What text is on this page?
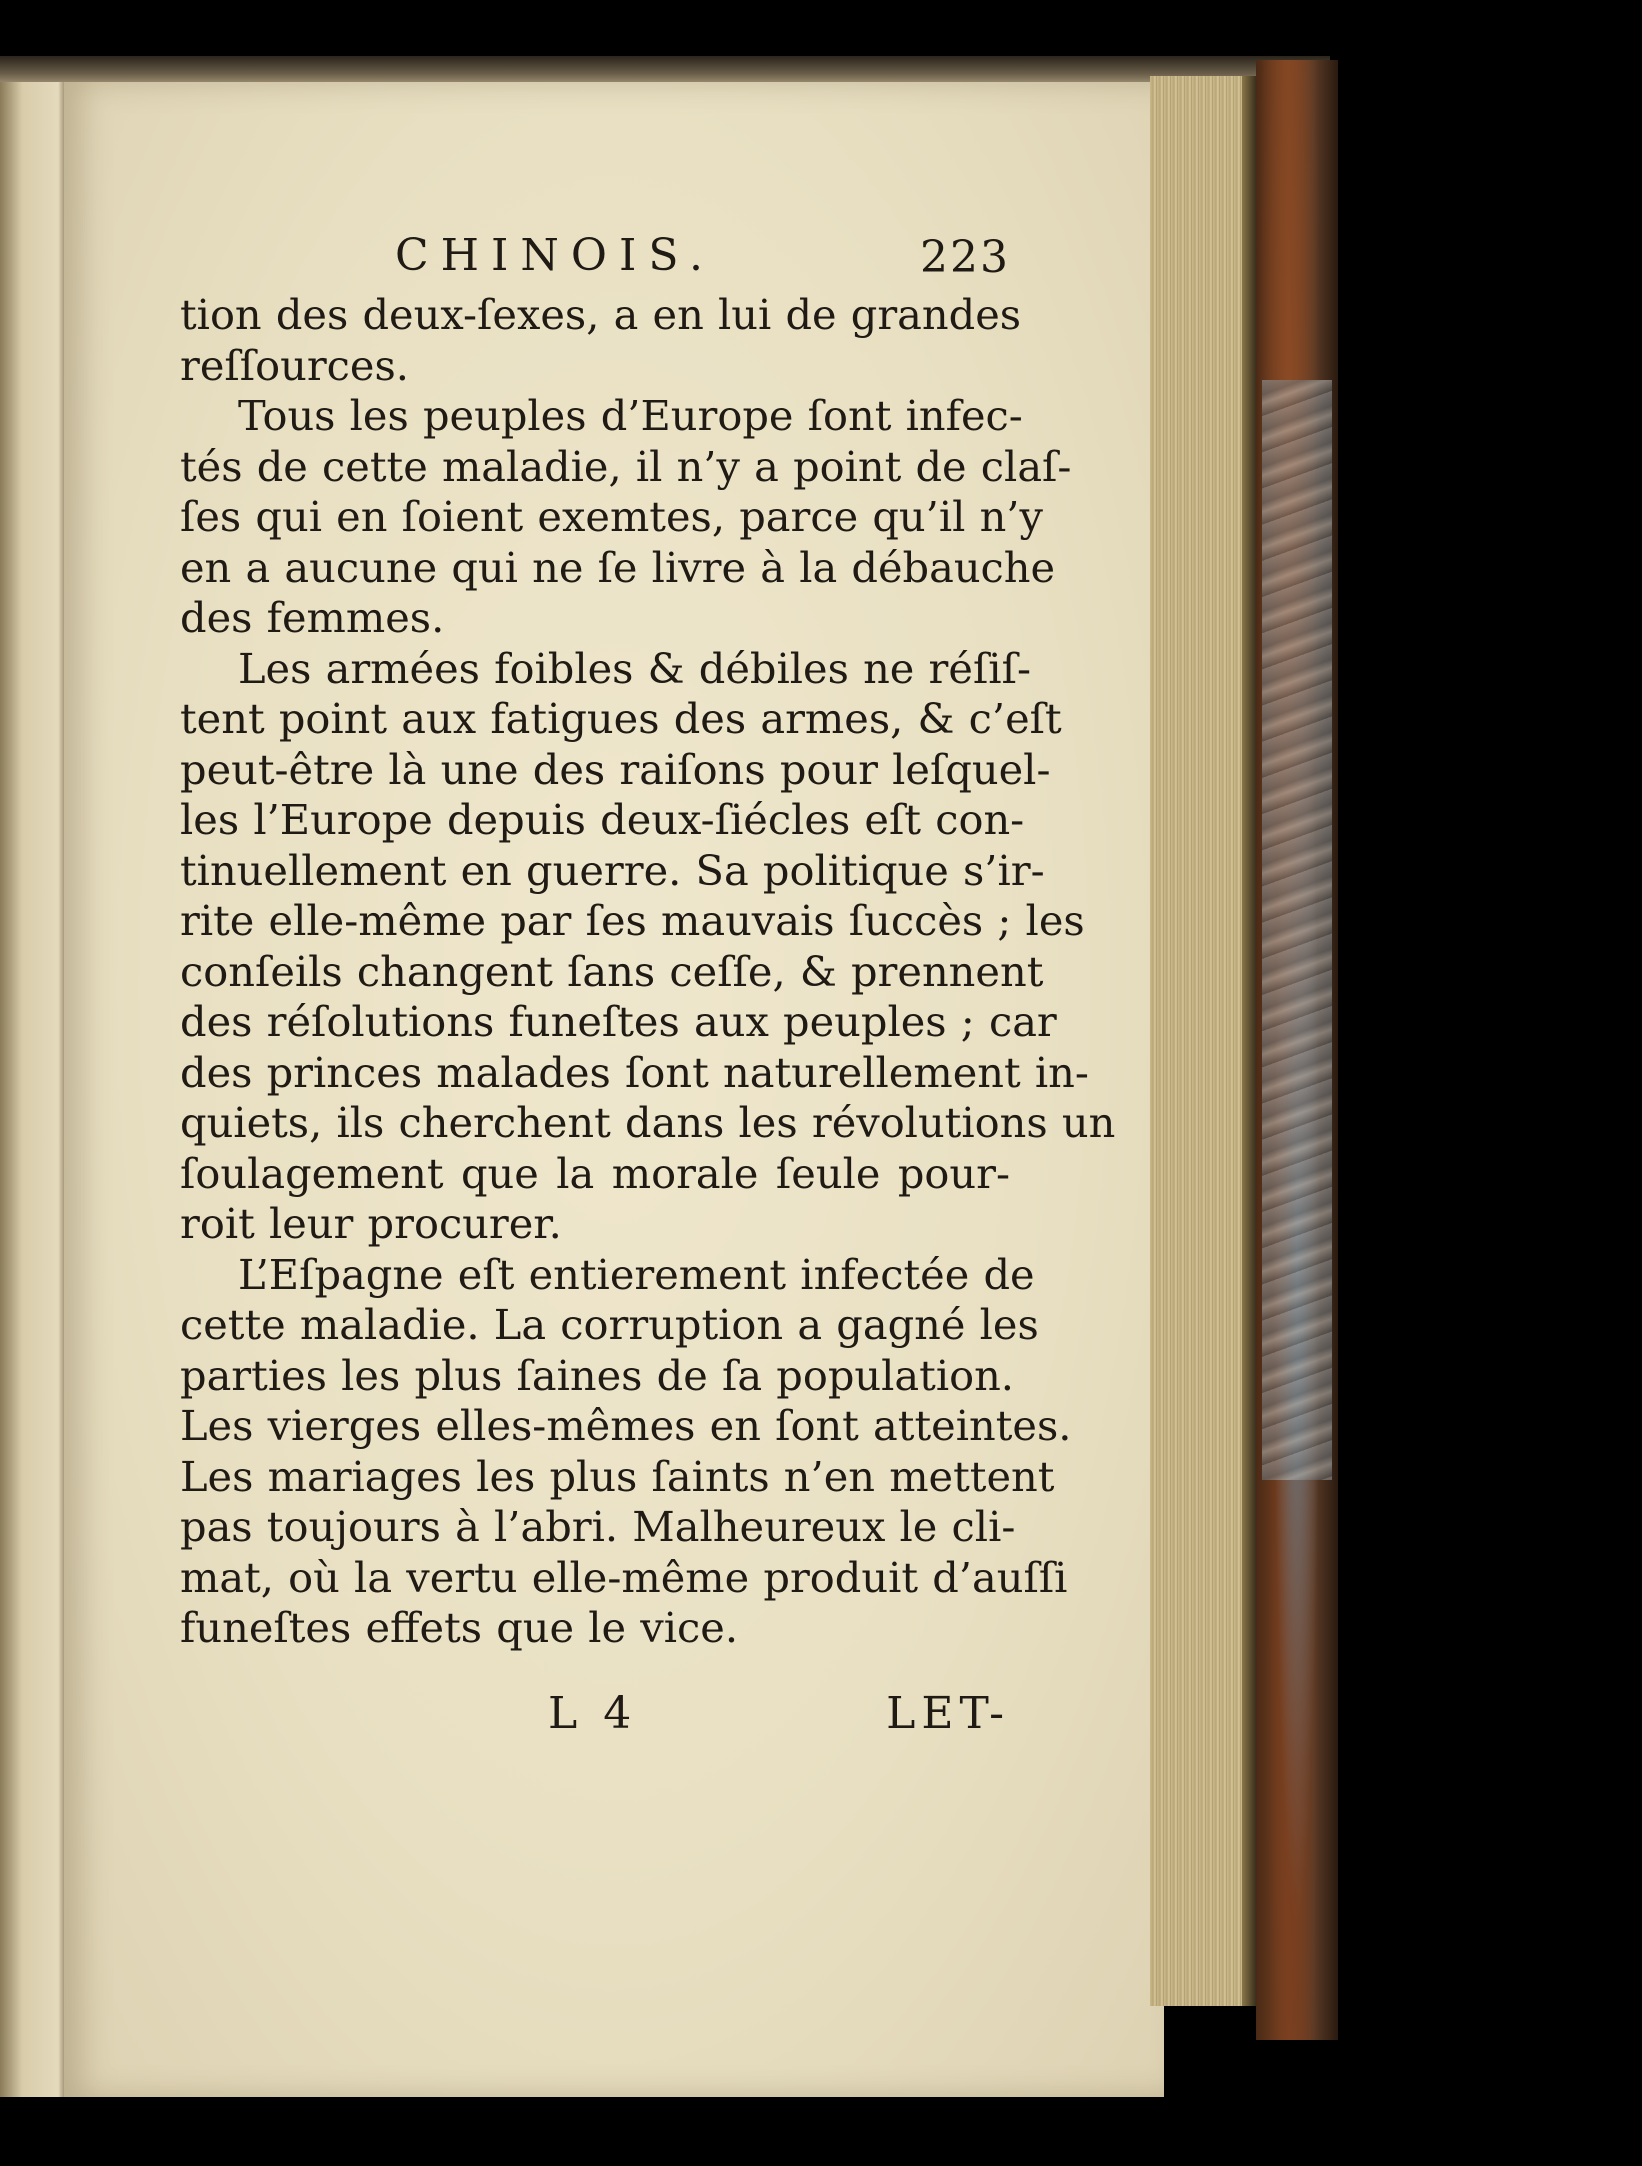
CHINOIS.	223
tion des deux-ſexes, a en lui de grandes
reſſources.
Tous les peuples d’Europe ſont infec-
tés de cette maladie, il n’y a point de claſ-
ſes qui en ſoient exemtes, parce qu’il n’y
en a aucune qui ne ſe livre à la débauche
des femmes.
Les armées foibles & débiles ne réſiſ-
tent point aux fatigues des armes, & c’eſt
peut-être là une des raiſons pour leſquel-
les l’Europe depuis deux-ſiécles eſt con-
tinuellement en guerre. Sa politique s’ir-
rite elle-même par ſes mauvais ſuccès ; les
conſeils changent ſans ceſſe, & prennent
des réſolutions funeſtes aux peuples ; car
des princes malades ſont naturellement in-
quiets, ils cherchent dans les révolutions un
ſoulagement que la morale ſeule pour-
roit leur procurer.
L’Eſpagne eſt entierement infectée de
cette maladie. La corruption a gagné les
parties les plus ſaines de ſa population.
Les vierges elles-mêmes en ſont atteintes.
Les mariages les plus ſaints n’en mettent
pas toujours à l’abri. Malheureux le cli-
mat, où la vertu elle-même produit d’auſſi
funeſtes effets que le vice.
L 4	LET-
